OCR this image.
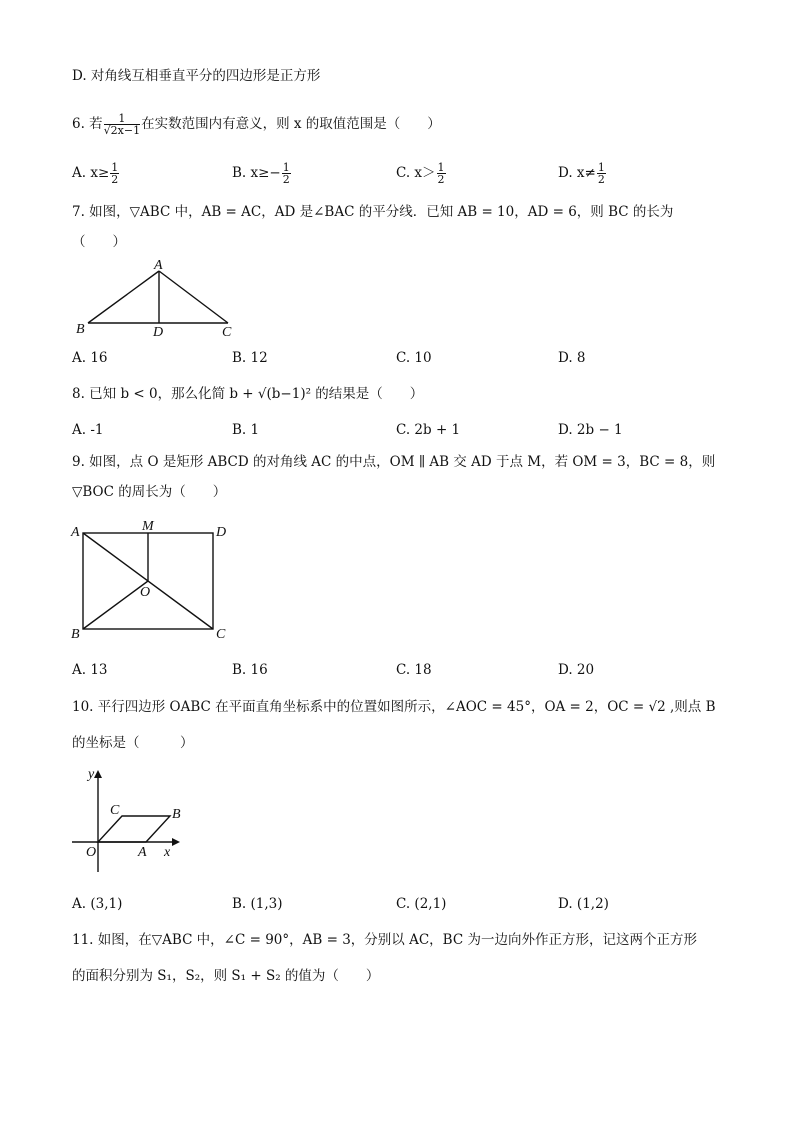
D. 对角线互相垂直平分的四边形是正方形
6. 若 $\frac{1}{√2x-1}$ 在实数范围内有意义，则 x 的取值范围是（　　）
A. $x\ge \frac{1}{2}$	B. $x\ge- \frac{1}{2}$	C. $x> \frac{1}{2}$	D. $x\ne \frac{1}{2}$
7. 如图，▽ABC 中，AB = AC，AD 是∠BAC 的平分线．已知 AB = 10，AD = 6，则 BC 的长为
（　　）
A
B	D	C
A. 16	B. 12	C. 10	D. 8
8. 已知 b < 0，那么化简 b + √(b−1)² 的结果是（　　）
A. -1	B. 1	C. 2b + 1	D. 2b − 1
9. 如图，点 O 是矩形 ABCD 的对角线 AC 的中点，OM ∥ AB 交 AD 于点 M，若 OM = 3，BC = 8，则
▽BOC 的周长为（　　）
A	M	D
O
B	C
A. 13	B. 16	C. 18	D. 20
10. 平行四边形 OABC 在平面直角坐标系中的位置如图所示，∠AOC = 45°，OA = 2，OC = √2 ,则点 B
的坐标是（　　　）
y
x
O	A
B
C
A. (3,1)	B. (1,3)	C. (2,1)	D. (1,2)
11. 如图，在▽ABC 中，∠C = 90°，AB = 3，分别以 AC，BC 为一边向外作正方形，记这两个正方形
的面积分别为 S₁，S₂，则 S₁ + S₂ 的值为（　　）
